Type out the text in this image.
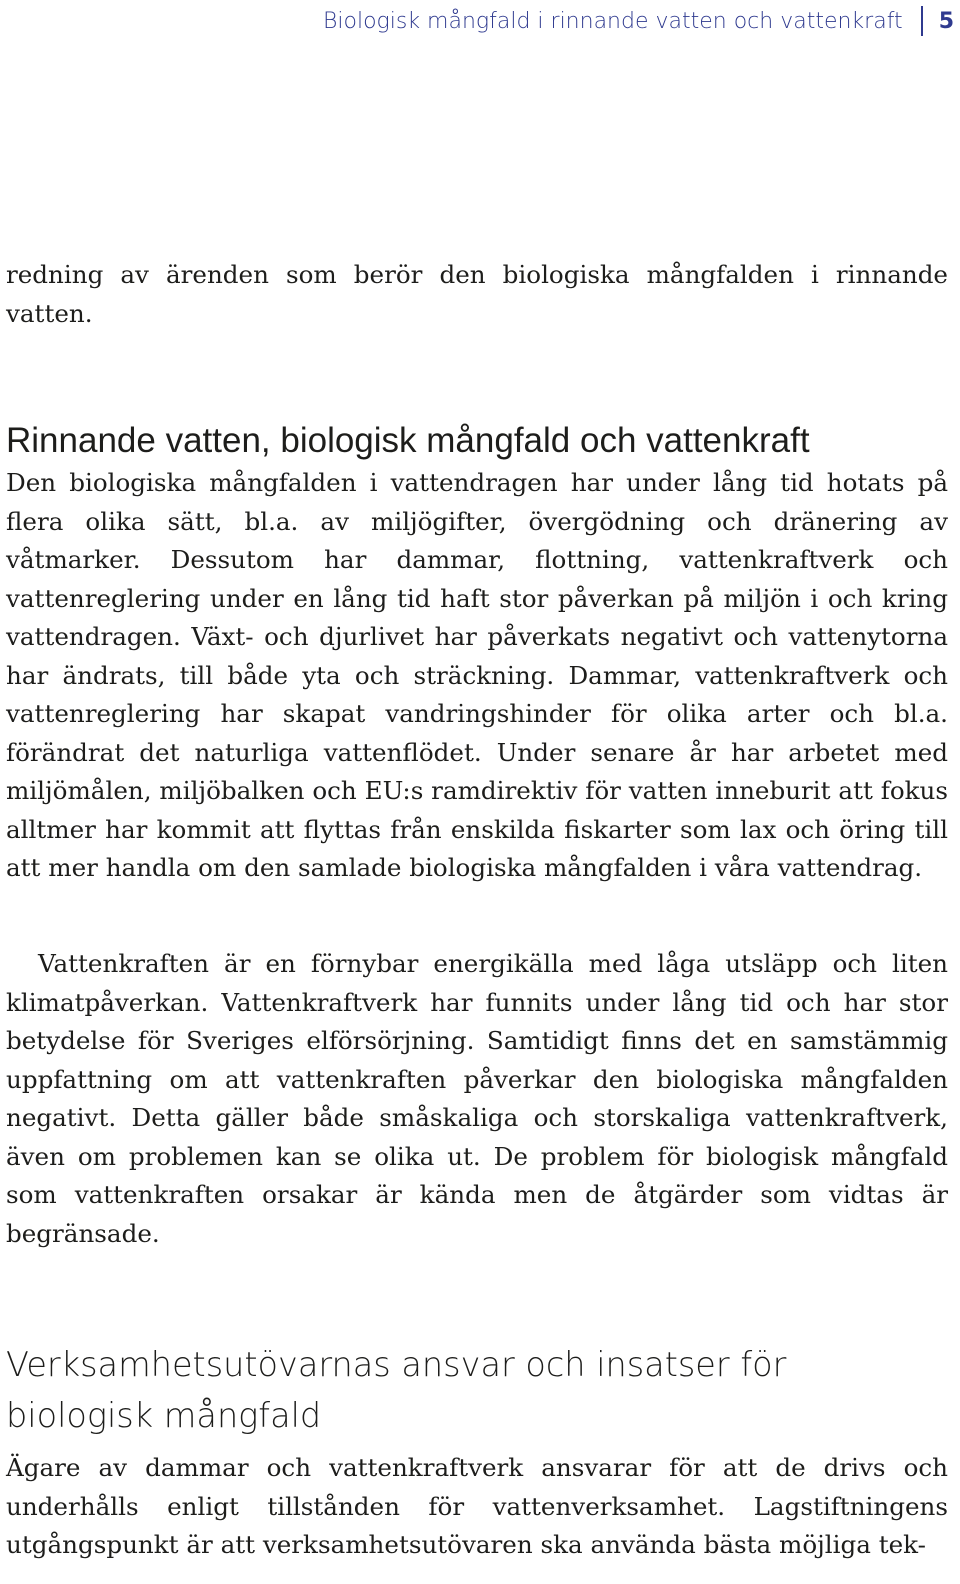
Biologisk mångfald i rinnande vatten och vattenkraft 5

redning av ärenden som berör den biologiska mångfalden i rinnande vatten.

Rinnande vatten, biologisk mångfald och vattenkraft

Den biologiska mångfalden i vattendragen har under lång tid hotats på flera olika sätt, bl.a. av miljögifter, övergödning och dränering av våtmarker. Dessutom har dammar, flottning, vattenkraftverk och vattenreglering under en lång tid haft stor påverkan på miljön i och kring vattendragen. Växt- och djurlivet har påverkats negativt och vattenytorna har ändrats, till både yta och sträckning. Dammar, vattenkraftverk och vattenreglering har skapat vandringshinder för olika arter och bl.a. förändrat det naturliga vattenflödet. Under senare år har arbetet med miljömålen, miljöbalken och EU:s ramdirektiv för vatten inneburit att fokus alltmer har kommit att flyttas från enskilda fiskarter som lax och öring till att mer handla om den samlade biologiska mångfalden i våra vattendrag.

Vattenkraften är en förnybar energikälla med låga utsläpp och liten klimatpåverkan. Vattenkraftverk har funnits under lång tid och har stor betydelse för Sveriges elförsörjning. Samtidigt finns det en samstämmig uppfattning om att vattenkraften påverkar den biologiska mångfalden negativt. Detta gäller både småskaliga och storskaliga vattenkraftverk, även om problemen kan se olika ut. De problem för biologisk mångfald som vattenkraften orsakar är kända men de åtgärder som vidtas är begränsade.

Verksamhetsutövarnas ansvar och insatser för
biologisk mångfald

Ägare av dammar och vattenkraftverk ansvarar för att de drivs och underhålls enligt tillstånden för vattenverksamhet. Lagstiftningens utgångspunkt är att verksamhetsutövaren ska använda bästa möjliga tek-
